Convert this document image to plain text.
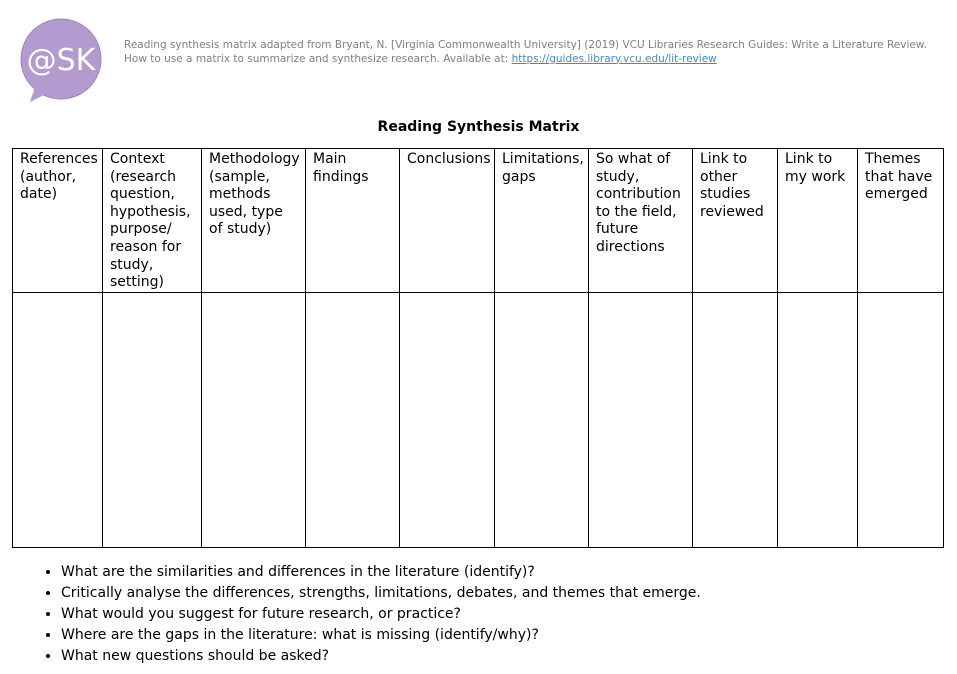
@SK	Reading synthesis matrix adapted from Bryant, N. [Virginia Commonwealth University] (2019) VCU Libraries Research Guides: Write a Literature Review. How to use a matrix to summarize and synthesize research. Available at: https://guides.library.vcu.edu/lit-review
Reading Synthesis Matrix
References (author, date)	Context (research question, hypothesis, purpose/ reason for study, setting)	Methodology (sample, methods used, type of study)	Main findings	Conclusions	Limitations, gaps	So what of study, contribution to the field, future directions	Link to other studies reviewed	Link to my work	Themes that have emerged

• What are the similarities and differences in the literature (identify)?
• Critically analyse the differences, strengths, limitations, debates, and themes that emerge.
• What would you suggest for future research, or practice?
• Where are the gaps in the literature: what is missing (identify/why)?
• What new questions should be asked?
